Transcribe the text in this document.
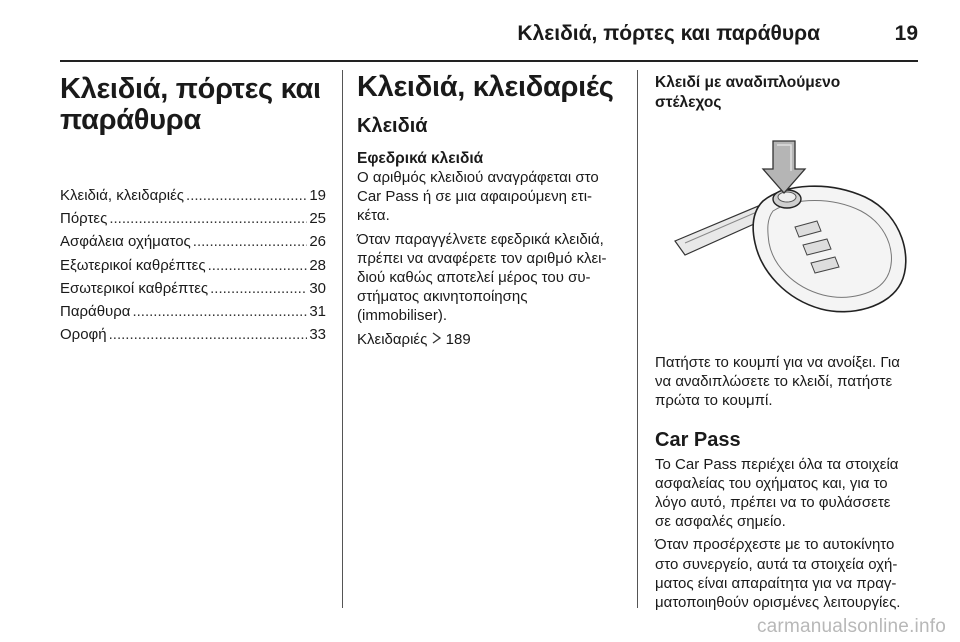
Κλειδιά, πόρτες και παράθυρα	19
Κλειδιά, πόρτες και
παράθυρα
Κλειδιά, κλειδαριές .....	19
Πόρτες .....	25
Ασφάλεια οχήματος .....	26
Εξωτερικοί καθρέπτες .....	28
Εσωτερικοί καθρέπτες .....	30
Παράθυρα .....	31
Οροφή .....	33
Κλειδιά, κλειδαριές
Κλειδιά
Εφεδρικά κλειδιά
Ο αριθμός κλειδιού αναγράφεται στο
Car Pass ή σε μια αφαιρούμενη ετι-
κέτα.
Όταν παραγγέλνετε εφεδρικά κλειδιά,
πρέπει να αναφέρετε τον αριθμό κλει-
διού καθώς αποτελεί μέρος του συ-
στήματος ακινητοποίησης
(immobiliser).
Κλειδαριές 189
Κλειδί με αναδιπλούμενο
στέλεχος
Πατήστε το κουμπί για να ανοίξει. Για
να αναδιπλώσετε το κλειδί, πατήστε
πρώτα το κουμπί.
Car Pass
Το Car Pass περιέχει όλα τα στοιχεία
ασφαλείας του οχήματος και, για το
λόγο αυτό, πρέπει να το φυλάσσετε
σε ασφαλές σημείο.
Όταν προσέρχεστε με το αυτοκίνητο
στο συνεργείο, αυτά τα στοιχεία οχή-
ματος είναι απαραίτητα για να πραγ-
ματοποιηθούν ορισμένες λειτουργίες.
carmanualsonline.info
